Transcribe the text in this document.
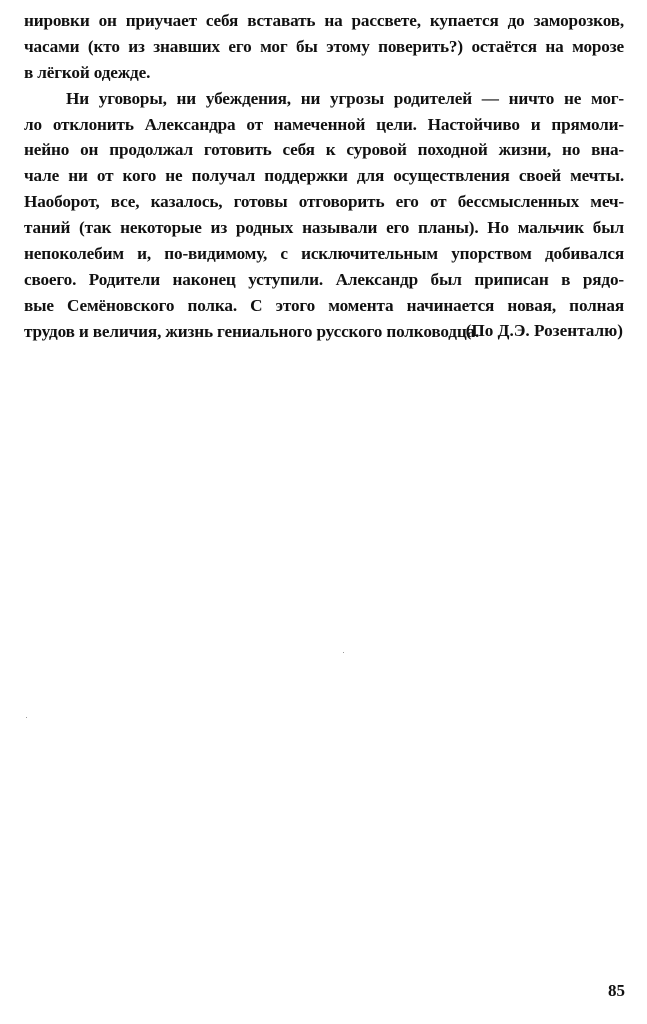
нировки он приучает себя вставать на рассвете, купается до заморозков,
часами (кто из знавших его мог бы этому поверить?) остаётся на морозе
в лёгкой одежде.
Ни уговоры, ни убеждения, ни угрозы родителей — ничто не мог-
ло отклонить Александра от намеченной цели. Настойчиво и прямоли-
нейно он продолжал готовить себя к суровой походной жизни, но вна-
чале ни от кого не получал поддержки для осуществления своей мечты.
Наоборот, все, казалось, готовы отговорить его от бессмысленных меч-
таний (так некоторые из родных называли его планы). Но мальчик был
непоколебим и, по-видимому, с исключительным упорством добивался
своего. Родители наконец уступили. Александр был приписан в рядо-
вые Семёновского полка. С этого момента начинается новая, полная
трудов и величия, жизнь гениального русского полководца.
(По Д.Э. Розенталю)
85
